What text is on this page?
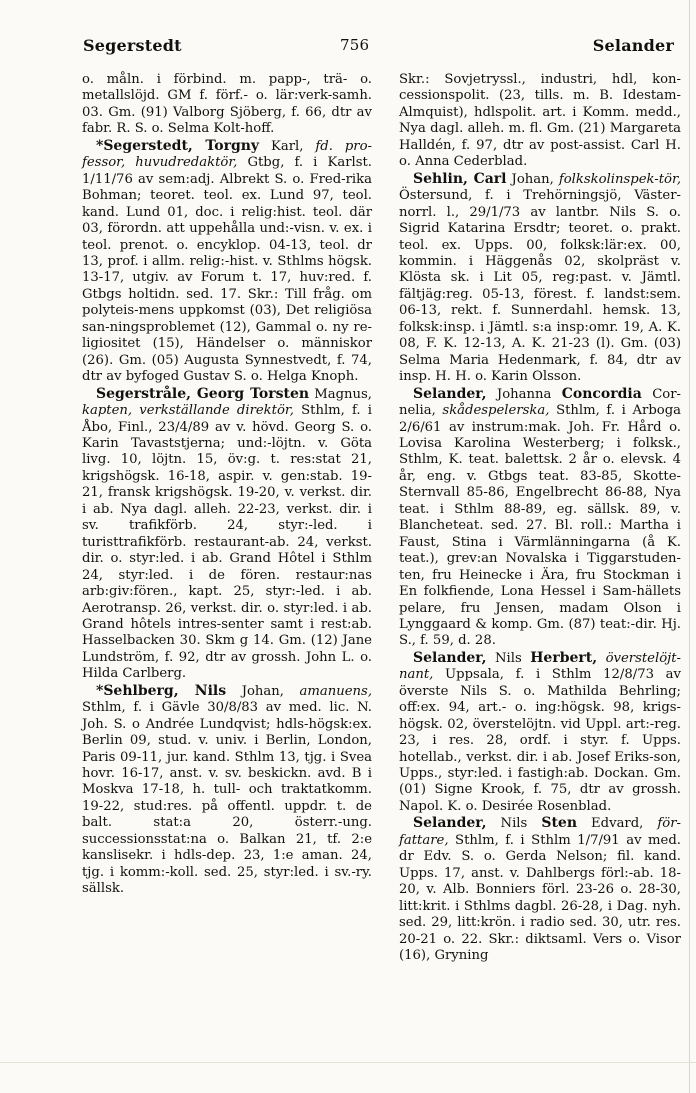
Segerstedt	756	Selander

o. måln. i förbind. m. papp-, trä- o. metallslöjd. GM f. förf.- o. lär:verk-samh. 03. Gm. (91) Valborg Sjöberg, f. 66, dtr av fabr. R. S. o. Selma Kolt-hoff.

*Segerstedt, Torgny Karl, fd. pro-fessor, huvudredaktör, Gtbg, f. i Karlst. 1/11/76 av sem:adj. Albrekt S. o. Fred-rika Bohman; teoret. teol. ex. Lund 97, teol. kand. Lund 01, doc. i relig:hist. teol. där 03, förordn. att uppehålla und:-visn. v. ex. i teol. prenot. o. encyklop. 04-13, teol. dr 13, prof. i allm. relig:-hist. v. Sthlms högsk. 13-17, utgiv. av Forum t. 17, huv:red. f. Gtbgs holtidn. sed. 17. Skr.: Till fråg. om polyteis-mens uppkomst (03), Det religiösa san-ningsproblemet (12), Gammal o. ny re-ligiositet (15), Händelser o. människor (26). Gm. (05) Augusta Synnestvedt, f. 74, dtr av byfoged Gustav S. o. Helga Knoph.

Segerstråle, Georg Torsten Magnus, kapten, verkställande direktör, Sthlm, f. i Åbo, Finl., 23/4/89 av v. hövd. Georg S. o. Karin Tavaststjerna; und:-löjtn. v. Göta livg. 10, löjtn. 15, öv:g. t. res:stat 21, krigshögsk. 16-18, aspir. v. gen:stab. 19-21, fransk krigshögsk. 19-20, v. verkst. dir. i ab. Nya dagl. alleh. 22-23, verkst. dir. i sv. trafikförb. 24, styr:-led. i turisttrafikförb. restaurant-ab. 24, verkst. dir. o. styr:led. i ab. Grand Hôtel i Sthlm 24, styr:led. i de fören. restaur:nas arb:giv:fören., kapt. 25, styr:-led. i ab. Aerotransp. 26, verkst. dir. o. styr:led. i ab. Grand hôtels intres-senter samt i rest:ab. Hasselbacken 30. Skm g 14. Gm. (12) Jane Lundström, f. 92, dtr av grossh. John L. o. Hilda Carlberg.

*Sehlberg, Nils Johan, amanuens, Sthlm, f. i Gävle 30/8/83 av med. lic. N. Joh. S. o Andrée Lundqvist; hdls-högsk:ex. Berlin 09, stud. v. univ. i Berlin, London, Paris 09-11, jur. kand. Sthlm 13, tjg. i Svea hovr. 16-17, anst. v. sv. beskickn. avd. B i Moskva 17-18, h. tull- och traktatkomm. 19-22, stud:res. på offentl. uppdr. t. de balt. stat:a 20, österr.-ung. successionsstat:na o. Balkan 21, tf. 2:e kanslisekr. i hdls-dep. 23, 1:e aman. 24, tjg. i komm:-koll. sed. 25, styr:led. i sv.-ry. sällsk.

Skr.: Sovjetryssl., industri, hdl, kon-cessionspolit. (23, tills. m. B. Idestam-Almquist), hdlspolit. art. i Komm. medd., Nya dagl. alleh. m. fl. Gm. (21) Margareta Halldén, f. 97, dtr av post-assist. Carl H. o. Anna Cederblad.

Sehlin, Carl Johan, folkskolinspek-tör, Östersund, f. i Trehörningsjö, Väster-norrl. l., 29/1/73 av lantbr. Nils S. o. Sigrid Katarina Ersdtr; teoret. o. prakt. teol. ex. Upps. 00, folksk:lär:ex. 00, kommin. i Häggenås 02, skolpräst v. Klösta sk. i Lit 05, reg:past. v. Jämtl. fältjäg:reg. 05-13, förest. f. landst:sem. 06-13, rekt. f. Sunnerdahl. hemsk. 13, folksk:insp. i Jämtl. s:a insp:omr. 19, A. K. 08, F. K. 12-13, A. K. 21-23 (l). Gm. (03) Selma Maria Hedenmark, f. 84, dtr av insp. H. H. o. Karin Olsson.

Selander, Johanna Concordia Cor-nelia, skådespelerska, Sthlm, f. i Arboga 2/6/61 av instrum:mak. Joh. Fr. Hård o. Lovisa Karolina Westerberg; i folksk., Sthlm, K. teat. balettsk. 2 år o. elevsk. 4 år, eng. v. Gtbgs teat. 83-85, Skotte-Sternvall 85-86, Engelbrecht 86-88, Nya teat. i Sthlm 88-89, eg. sällsk. 89, v. Blancheteat. sed. 27. Bl. roll.: Martha i Faust, Stina i Värmlänningarna (å K. teat.), grev:an Novalska i Tiggarstuden-ten, fru Heinecke i Ära, fru Stockman i En folkfiende, Lona Hessel i Sam-hällets pelare, fru Jensen, madam Olson i Lynggaard & komp. Gm. (87) teat:-dir. Hj. S., f. 59, d. 28.

Selander, Nils Herbert, överstelöjt-nant, Uppsala, f. i Sthlm 12/8/73 av överste Nils S. o. Mathilda Behrling; off:ex. 94, art.- o. ing:högsk. 98, krigs-högsk. 02, överstelöjtn. vid Uppl. art:-reg. 23, i res. 28, ordf. i styr. f. Upps. hotellab., verkst. dir. i ab. Josef Eriks-son, Upps., styr:led. i fastigh:ab. Dockan. Gm. (01) Signe Krook, f. 75, dtr av grossh. Napol. K. o. Desirée Rosenblad.

Selander, Nils Sten Edvard, för-fattare, Sthlm, f. i Sthlm 1/7/91 av med. dr Edv. S. o. Gerda Nelson; fil. kand. Upps. 17, anst. v. Dahlbergs förl:-ab. 18-20, v. Alb. Bonniers förl. 23-26 o. 28-30, litt:krit. i Sthlms dagbl. 26-28, i Dag. nyh. sed. 29, litt:krön. i radio sed. 30, utr. res. 20-21 o. 22. Skr.: diktsaml. Vers o. Visor (16), Gryning
